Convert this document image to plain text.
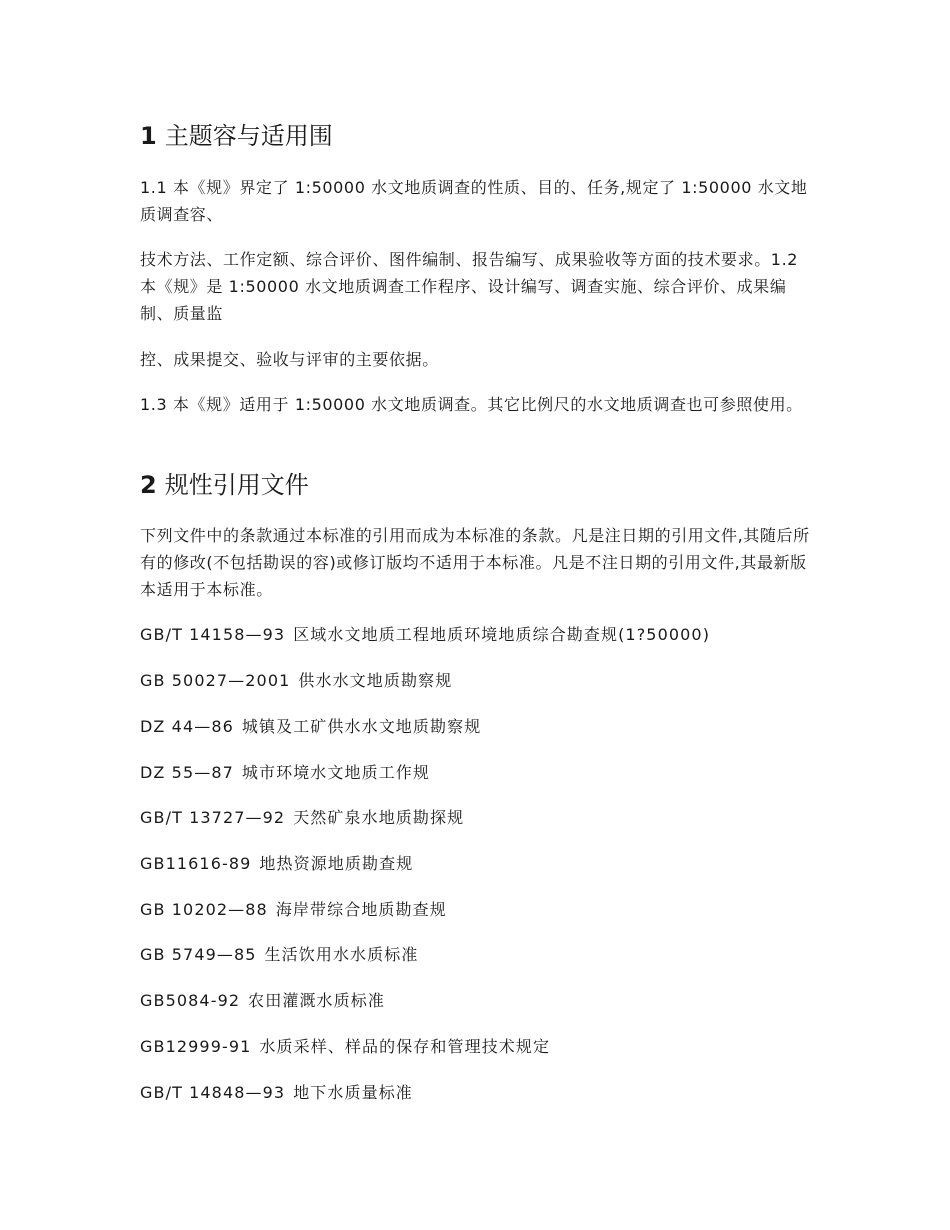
1 主题容与适用围

1.1 本《规》界定了 1:50000 水文地质调查的性质、目的、任务,规定了 1:50000 水文地质调查容、

技术方法、工作定额、综合评价、图件编制、报告编写、成果验收等方面的技术要求。1.2 本《规》是 1:50000 水文地质调查工作程序、设计编写、调查实施、综合评价、成果编制、质量监

控、成果提交、验收与评审的主要依据。

1.3 本《规》适用于 1:50000 水文地质调查。其它比例尺的水文地质调查也可参照使用。

2 规性引用文件

下列文件中的条款通过本标准的引用而成为本标准的条款。凡是注日期的引用文件,其随后所有的修改(不包括勘误的容)或修订版均不适用于本标准。凡是不注日期的引用文件,其最新版本适用于本标准。

GB/T 14158—93 区域水文地质工程地质环境地质综合勘查规(1?50000)

GB 50027—2001 供水水文地质勘察规

DZ 44—86 城镇及工矿供水水文地质勘察规

DZ 55—87 城市环境水文地质工作规

GB/T 13727—92 天然矿泉水地质勘探规

GB11616-89 地热资源地质勘查规

GB 10202—88 海岸带综合地质勘查规

GB 5749—85 生活饮用水水质标准

GB5084-92 农田灌溉水质标准

GB12999-91 水质采样、样品的保存和管理技术规定

GB/T 14848—93 地下水质量标准
